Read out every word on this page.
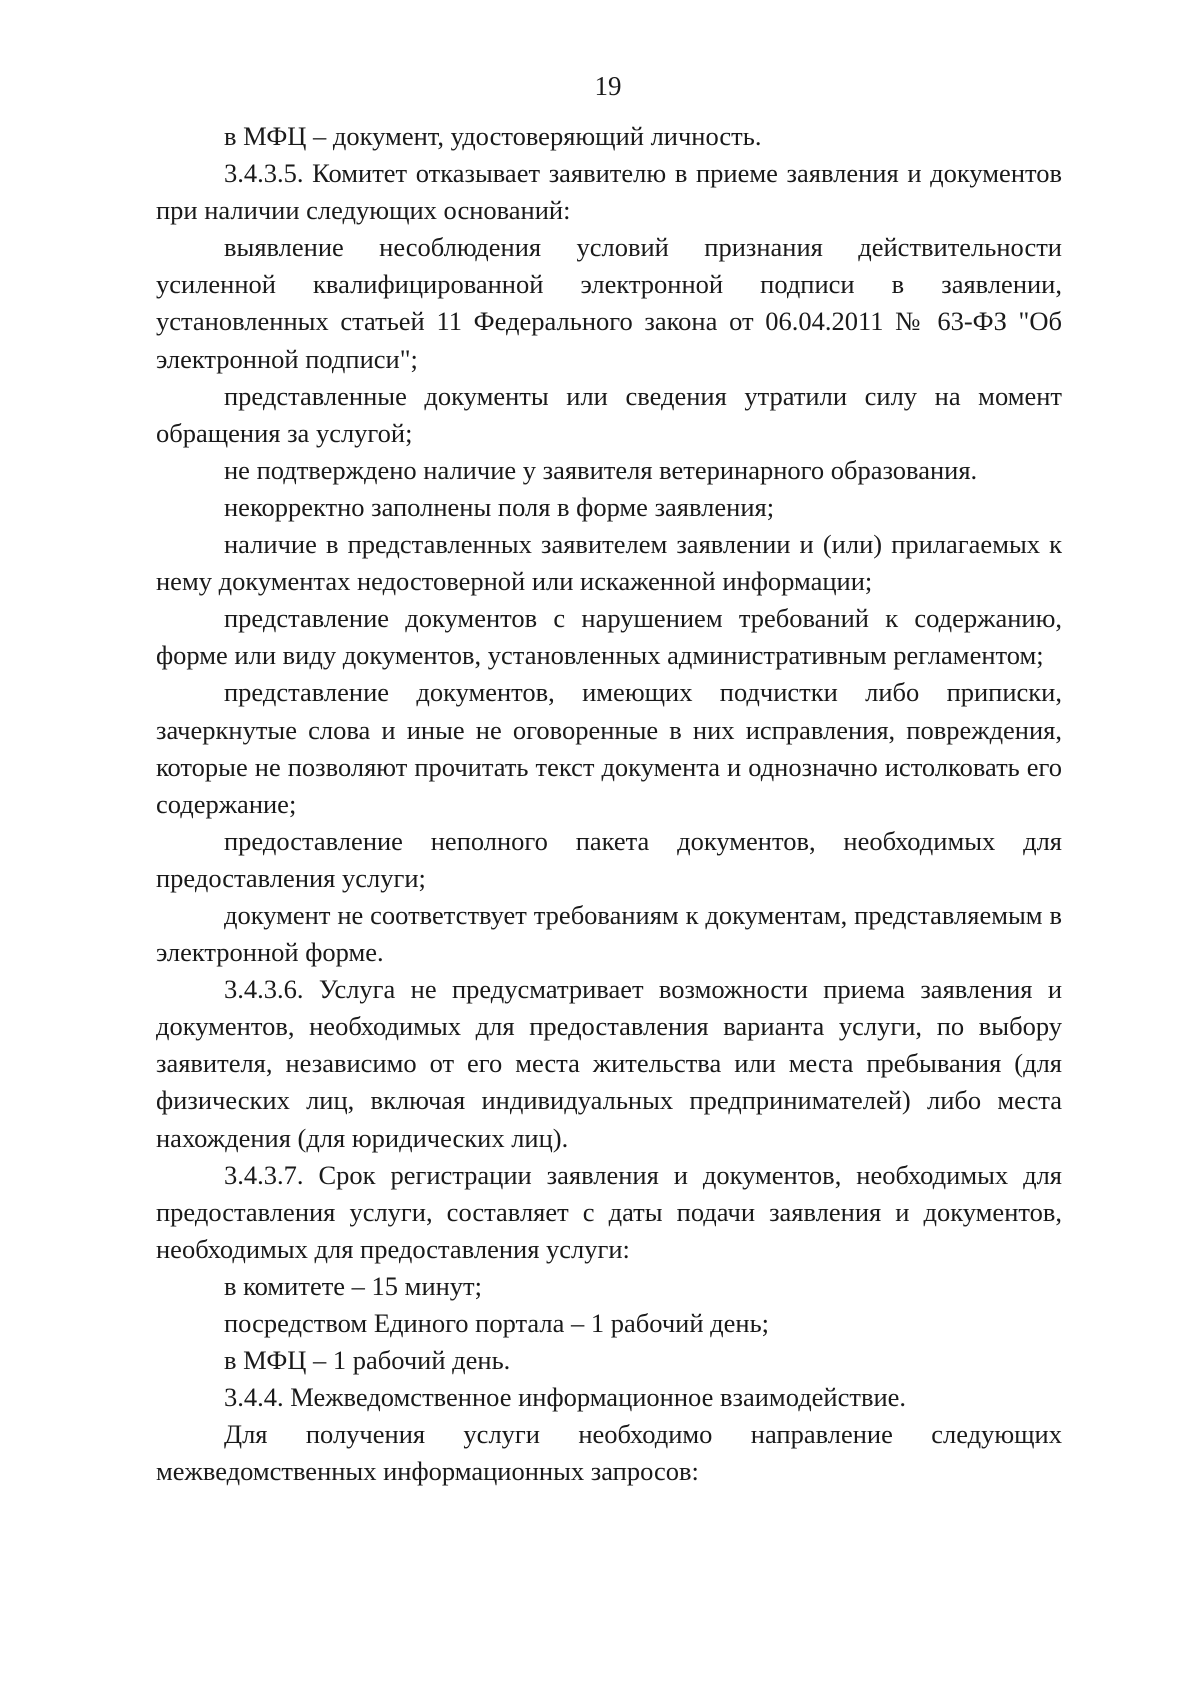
19

в МФЦ – документ, удостоверяющий личность.

3.4.3.5. Комитет отказывает заявителю в приеме заявления и документов при наличии следующих оснований:

выявление несоблюдения условий признания действительности усиленной квалифицированной электронной подписи в заявлении, установленных статьей 11 Федерального закона от 06.04.2011 № 63-ФЗ "Об электронной подписи";

представленные документы или сведения утратили силу на момент обращения за услугой;

не подтверждено наличие у заявителя ветеринарного образования.

некорректно заполнены поля в форме заявления;

наличие в представленных заявителем заявлении и (или) прилагаемых к нему документах недостоверной или искаженной информации;

представление документов с нарушением требований к содержанию, форме или виду документов, установленных административным регламентом;

представление документов, имеющих подчистки либо приписки, зачеркнутые слова и иные не оговоренные в них исправления, повреждения, которые не позволяют прочитать текст документа и однозначно истолковать его содержание;

предоставление неполного пакета документов, необходимых для предоставления услуги;

документ не соответствует требованиям к документам, представляемым в электронной форме.

3.4.3.6. Услуга не предусматривает возможности приема заявления и документов, необходимых для предоставления варианта услуги, по выбору заявителя, независимо от его места жительства или места пребывания (для физических лиц, включая индивидуальных предпринимателей) либо места нахождения (для юридических лиц).

3.4.3.7. Срок регистрации заявления и документов, необходимых для предоставления услуги, составляет с даты подачи заявления и документов, необходимых для предоставления услуги:

в комитете – 15 минут;

посредством Единого портала – 1 рабочий день;

в МФЦ – 1 рабочий день.

3.4.4. Межведомственное информационное взаимодействие.

Для получения услуги необходимо направление следующих межведомственных информационных запросов:
